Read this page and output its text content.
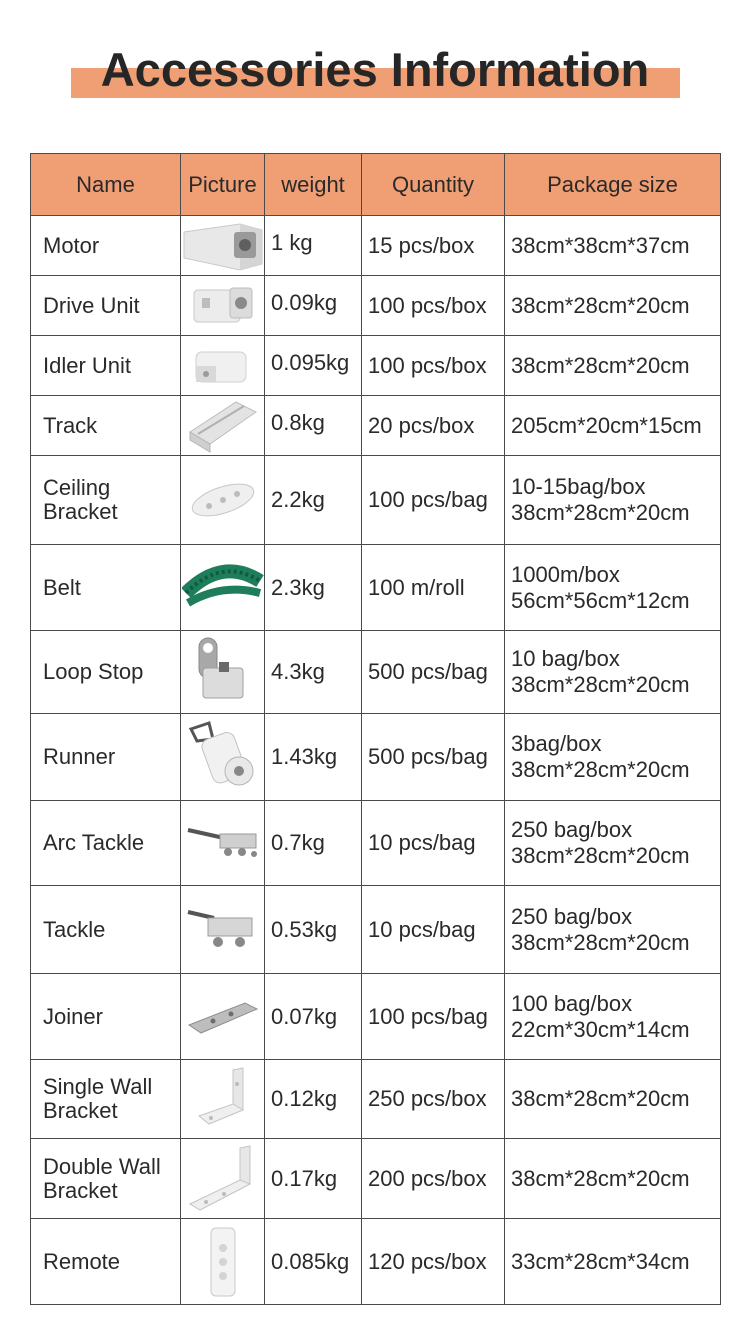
Accessories Information
Name	Picture	weight	Quantity	Package size
Motor		1 kg	15 pcs/box	38cm*38cm*37cm

Drive Unit		0.09kg	100 pcs/box	38cm*28cm*20cm

Idler Unit		0.095kg	100 pcs/box	38cm*28cm*20cm

Track		0.8kg	20 pcs/box	205cm*20cm*15cm

Ceiling Bracket		2.2kg	100 pcs/bag	10-15bag/box
38cm*28cm*20cm

Belt		2.3kg	100 m/roll	1000m/box
56cm*56cm*12cm

Loop Stop		4.3kg	500 pcs/bag	10 bag/box
38cm*28cm*20cm

Runner		1.43kg	500 pcs/bag	3bag/box
38cm*28cm*20cm

Arc Tackle		0.7kg	10 pcs/bag	250 bag/box
38cm*28cm*20cm

Tackle		0.53kg	10 pcs/bag	250 bag/box
38cm*28cm*20cm

Joiner		0.07kg	100 pcs/bag	100 bag/box
22cm*30cm*14cm

Single Wall Bracket		0.12kg	250 pcs/box	38cm*28cm*20cm

Double Wall Bracket		0.17kg	200 pcs/box	38cm*28cm*20cm

Remote		0.085kg	120 pcs/box	33cm*28cm*34cm
